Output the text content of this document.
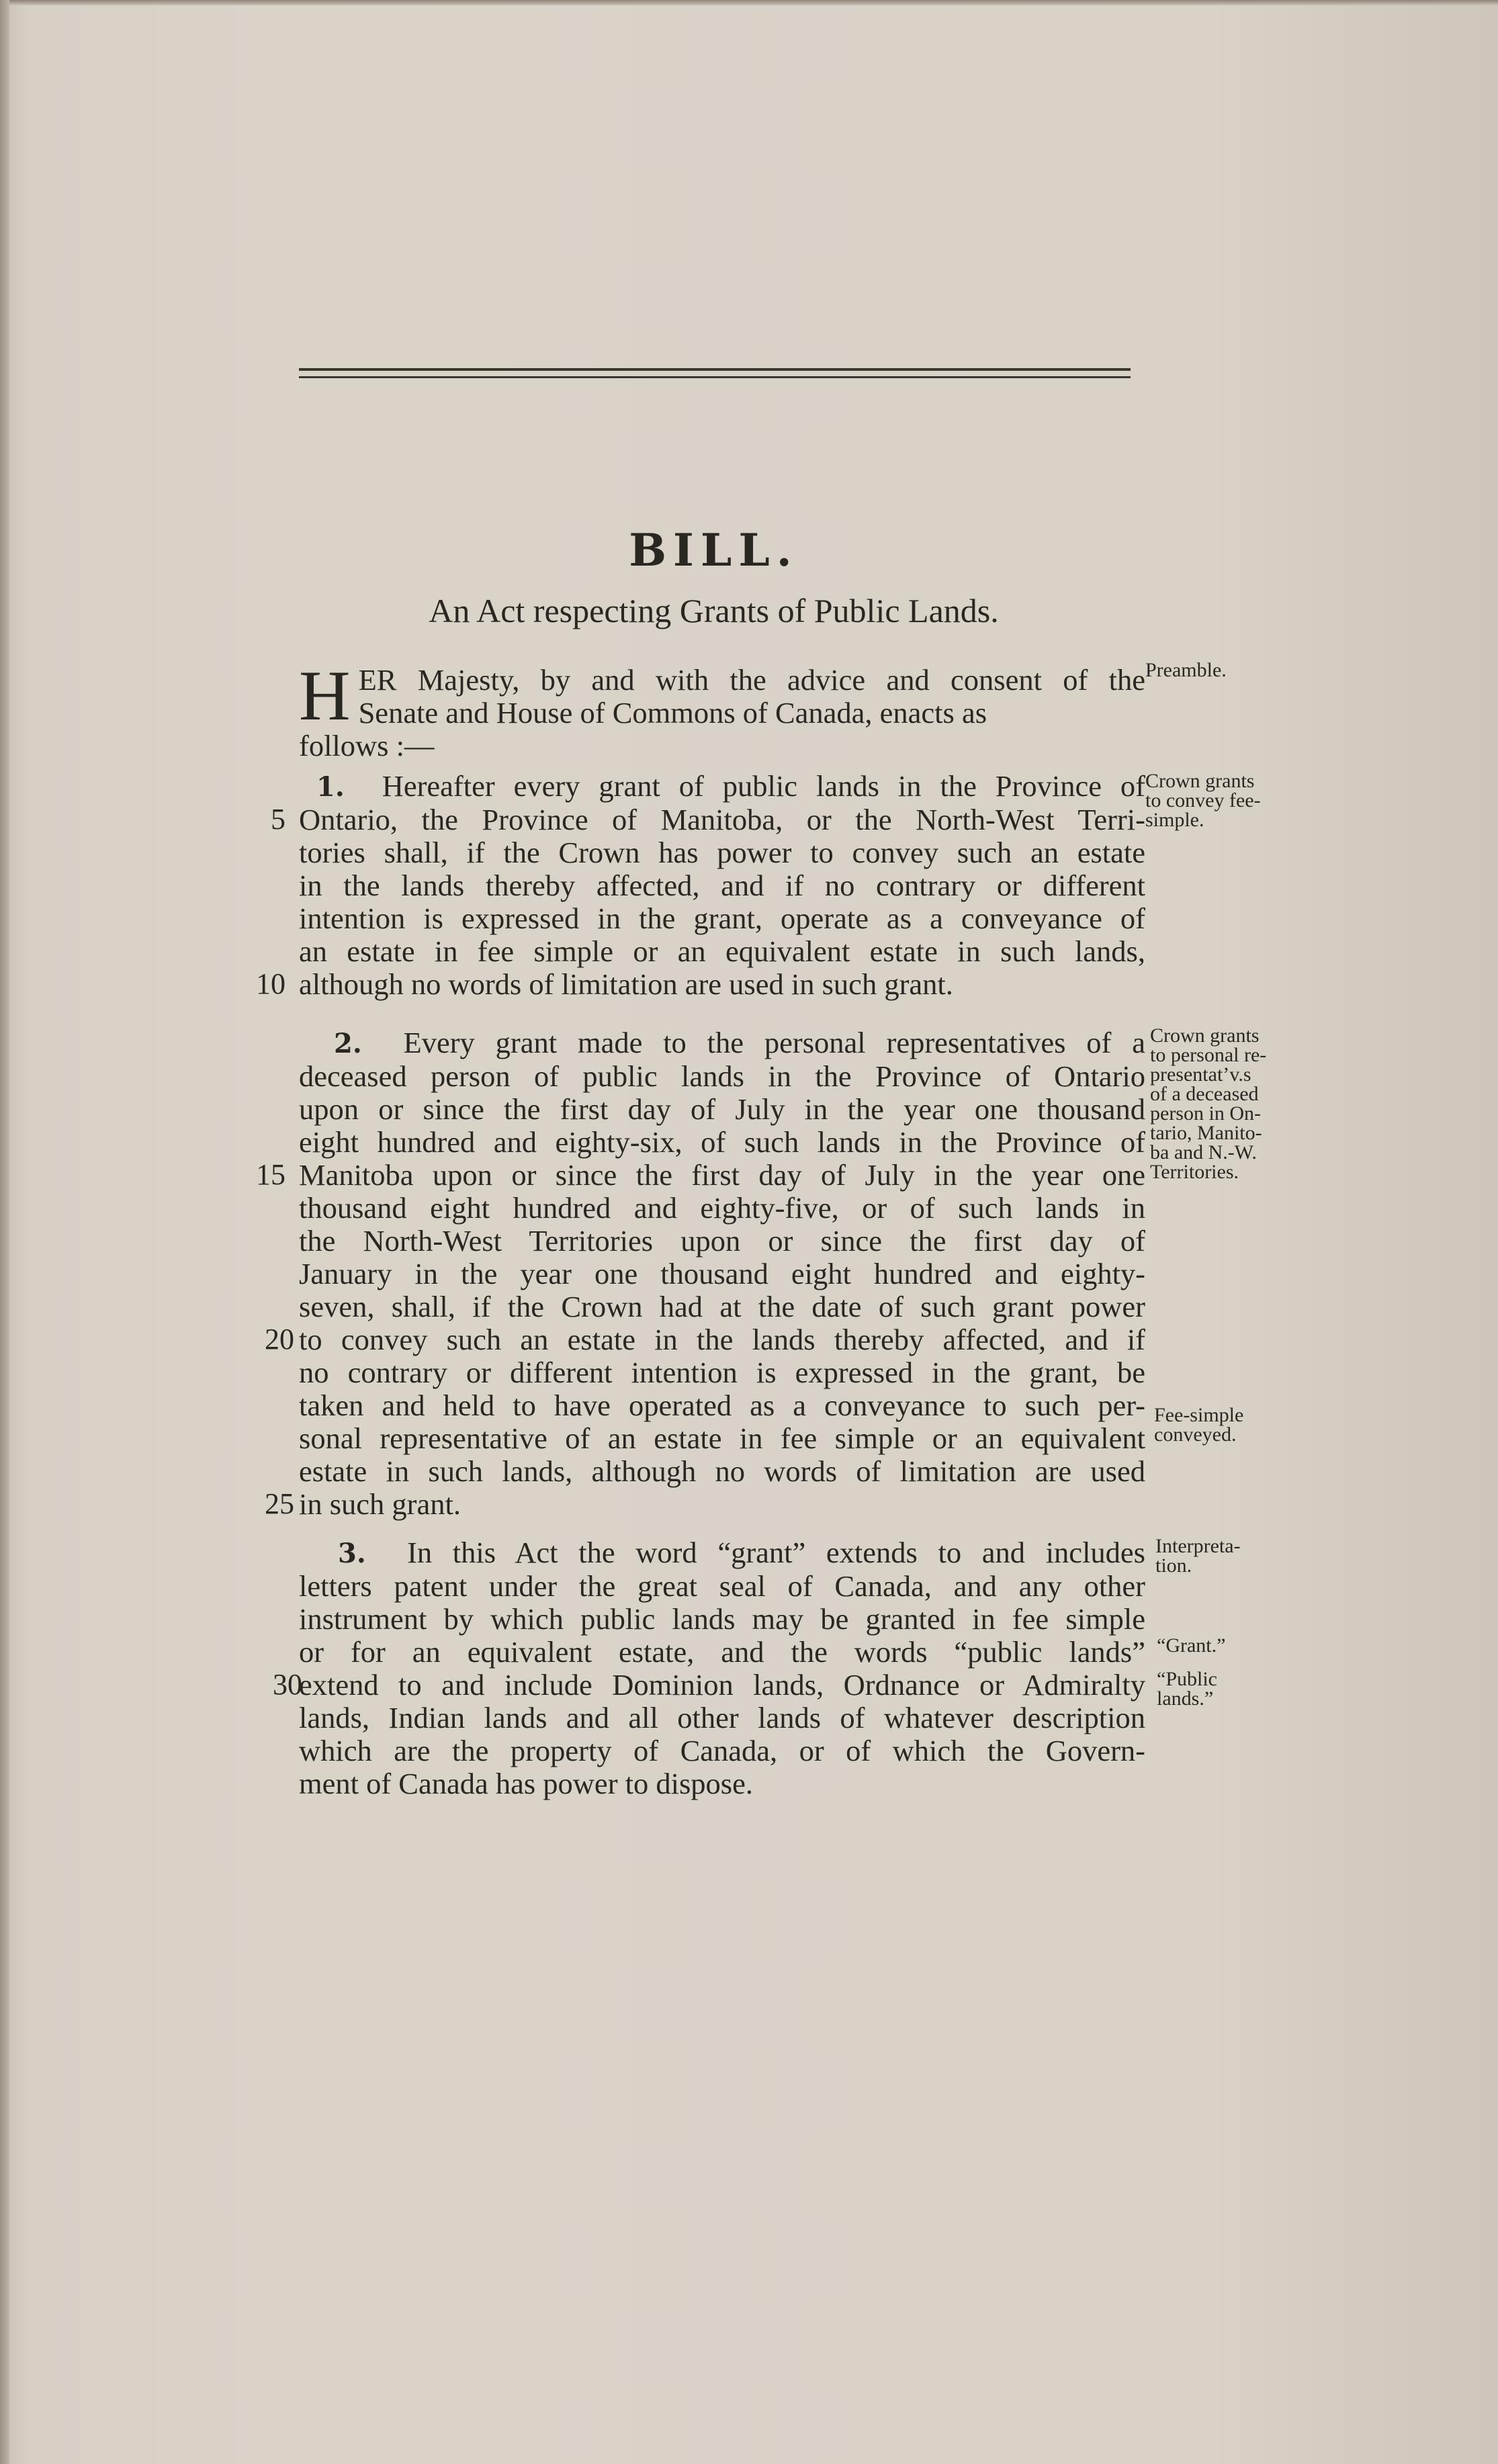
BILL.
An Act respecting Grants of Public Lands.
H ER Majesty, by and with the advice and consent of the

Senate and House of Commons of Canada, enacts as

follows :—

1. Hereafter every grant of public lands in the Province of

Ontario, the Province of Manitoba, or the North-West Terri-

tories shall, if the Crown has power to convey such an estate

in the lands thereby affected, and if no contrary or different

intention is expressed in the grant, operate as a conveyance of

an estate in fee simple or an equivalent estate in such lands,

although no words of limitation are used in such grant.

2. Every grant made to the personal representatives of a

deceased person of public lands in the Province of Ontario

upon or since the first day of July in the year one thousand

eight hundred and eighty-six, of such lands in the Province of

Manitoba upon or since the first day of July in the year one

thousand eight hundred and eighty-five, or of such lands in

the North-West Territories upon or since the first day of

January in the year one thousand eight hundred and eighty-

seven, shall, if the Crown had at the date of such grant power

to convey such an estate in the lands thereby affected, and if

no contrary or different intention is expressed in the grant, be

taken and held to have operated as a conveyance to such per-

sonal representative of an estate in fee simple or an equivalent

estate in such lands, although no words of limitation are used

in such grant.

3. In this Act the word “grant” extends to and includes

letters patent under the great seal of Canada, and any other

instrument by which public lands may be granted in fee simple

or for an equivalent estate, and the words “public lands”

extend to and include Dominion lands, Ordnance or Admiralty

lands, Indian lands and all other lands of whatever description

which are the property of Canada, or of which the Govern-

ment of Canada has power to dispose.

5
10
15
20
25
30
Preamble.
Crown grants
to convey fee-
simple.
Crown grants
to personal re-
presentat’v.s
of a deceased
person in On-
tario, Manito-
ba and N.-W.
Territories.
Fee-simple
conveyed.
Interpreta-
tion.
“Grant.”
“Public
lands.”
